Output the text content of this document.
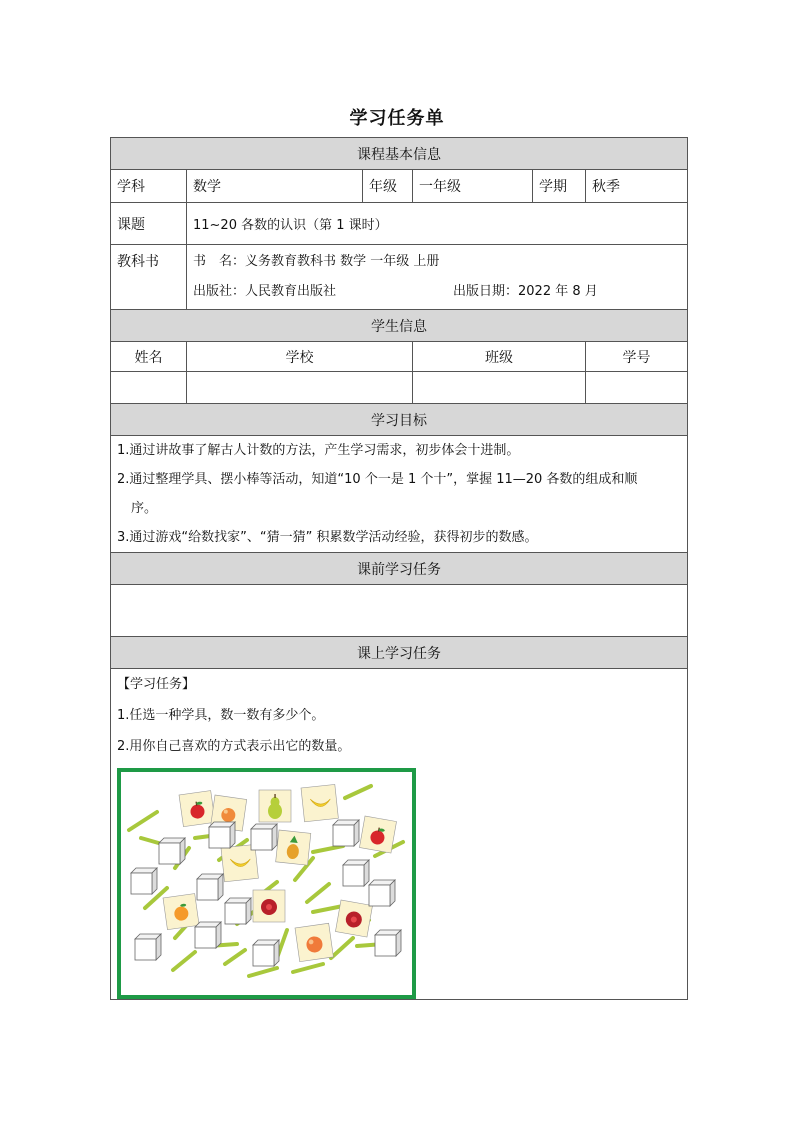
学习任务单
课程基本信息					
学科	数学	年级	一年级	学期	秋季
课题	11~20 各数的认识（第 1 课时）				
教科书	书　名：义务教育教科书 数学 一年级 上册
出版社：人民教育出版社 出版日期：2022 年 8 月				

学生信息					
姓名	学校		班级		学号

学习目标					

1.通过讲故事了解古人计数的方法，产生学习需求，初步体会十进制。

2.通过整理学具、摆小棒等活动，知道“10 个一是 1 个十”，掌握 11—20 各数的组成和顺

序。

3.通过游戏“给数找家”、“猜一猜” 积累数学活动经验，获得初步的数感。					

课前学习任务					

课上学习任务					

【学习任务】

1.任选一种学具，数一数有多少个。

2.用你自己喜欢的方式表示出它的数量。					
